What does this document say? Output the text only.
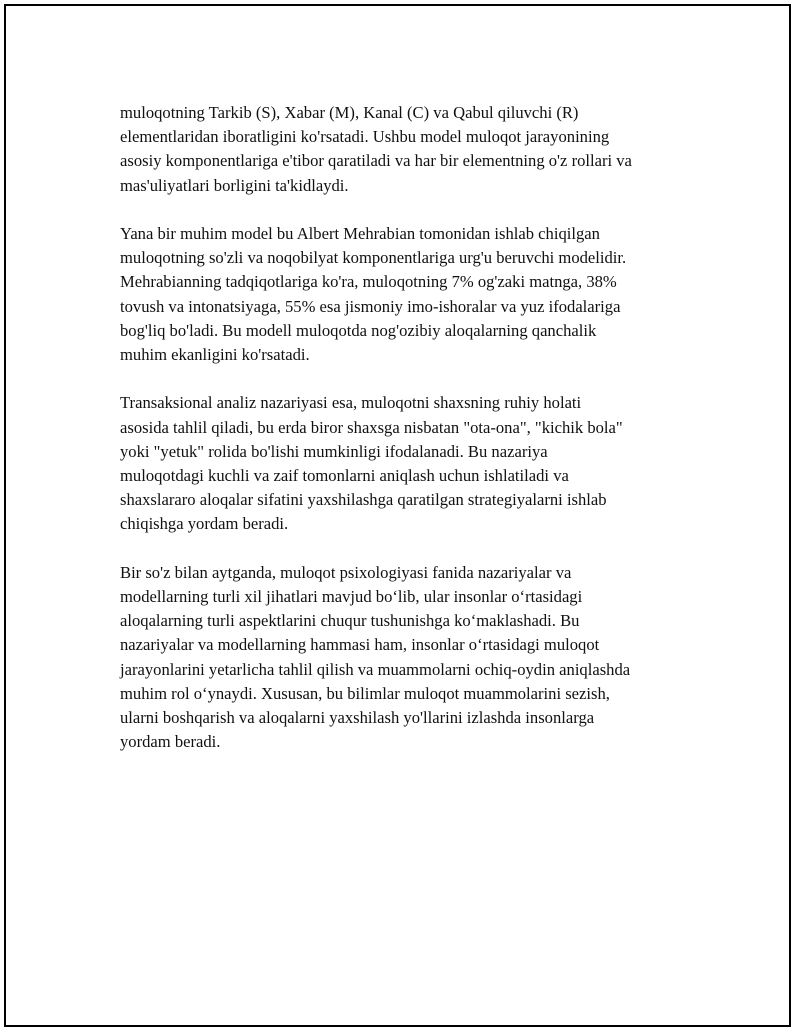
muloqotning Tarkib (S), Xabar (M), Kanal (C) va Qabul qiluvchi (R)
elementlaridan iboratligini ko'rsatadi. Ushbu model muloqot jarayonining
asosiy komponentlariga e'tibor qaratiladi va har bir elementning o'z rollari va
mas'uliyatlari borligini ta'kidlaydi.

Yana bir muhim model bu Albert Mehrabian tomonidan ishlab chiqilgan
muloqotning so'zli va noqobilyat komponentlariga urg'u beruvchi modelidir.
Mehrabianning tadqiqotlariga ko'ra, muloqotning 7% og'zaki matnga, 38%
tovush va intonatsiyaga, 55% esa jismoniy imo-ishoralar va yuz ifodalariga
bog'liq bo'ladi. Bu modell muloqotda nog'ozibiy aloqalarning qanchalik
muhim ekanligini ko'rsatadi.

Transaksional analiz nazariyasi esa, muloqotni shaxsning ruhiy holati
asosida tahlil qiladi, bu erda biror shaxsga nisbatan "ota-ona", "kichik bola"
yoki "yetuk" rolida bo'lishi mumkinligi ifodalanadi. Bu nazariya
muloqotdagi kuchli va zaif tomonlarni aniqlash uchun ishlatiladi va
shaxslararo aloqalar sifatini yaxshilashga qaratilgan strategiyalarni ishlab
chiqishga yordam beradi.

Bir so'z bilan aytganda, muloqot psixologiyasi fanida nazariyalar va
modellarning turli xil jihatlari mavjud bo‘lib, ular insonlar o‘rtasidagi
aloqalarning turli aspektlarini chuqur tushunishga ko‘maklashadi. Bu
nazariyalar va modellarning hammasi ham, insonlar o‘rtasidagi muloqot
jarayonlarini yetarlicha tahlil qilish va muammolarni ochiq-oydin aniqlashda
muhim rol o‘ynaydi. Xususan, bu bilimlar muloqot muammolarini sezish,
ularni boshqarish va aloqalarni yaxshilash yo'llarini izlashda insonlarga
yordam beradi.
